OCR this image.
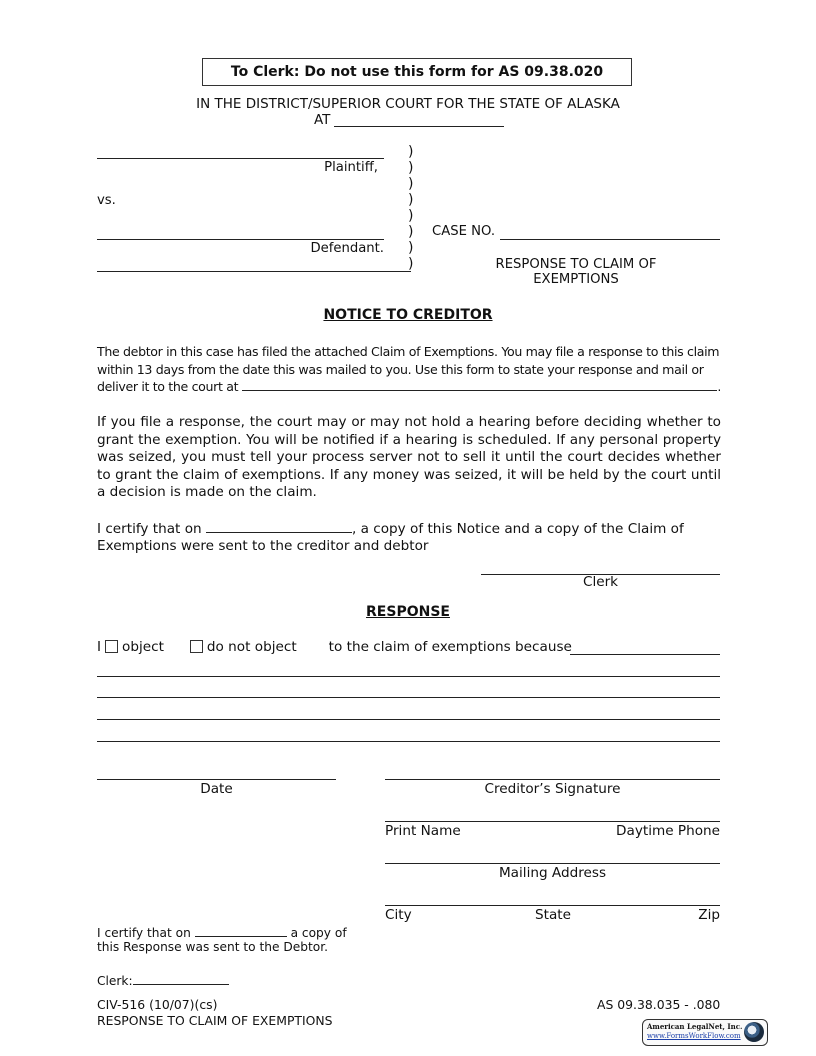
To Clerk: Do not use this form for AS 09.38.020
IN THE DISTRICT/SUPERIOR COURT FOR THE STATE OF ALASKA
AT
Plaintiff,
vs.
Defendant.
)
)
)
)
)
)
)
)
CASE NO.
RESPONSE TO CLAIM OF
EXEMPTIONS
NOTICE TO CREDITOR
The debtor in this case has filed the attached Claim of Exemptions. You may file a response to this claim
within 13 days from the date this was mailed to you. Use this form to state your response and mail or
deliver it to the court at	.
If you file a response, the court may or may not hold a hearing before deciding whether to grant the exemption. You will be notified if a hearing is scheduled. If any personal property was seized, you must tell your process server not to sell it until the court decides whether to grant the claim of exemptions. If any money was seized, it will be held by the court until a decision is made on the claim.
I certify that on	, a copy of this Notice and a copy of the Claim of
Exemptions were sent to the creditor and debtor
Clerk
RESPONSE
I object	do not object to the claim of exemptions because
Date	Creditor’s Signature
Print Name	Daytime Phone
Mailing Address
City	State	Zip
I certify that on	a copy of
this Response was sent to the Debtor.
Clerk:
CIV-516 (10/07)(cs)
RESPONSE TO CLAIM OF EXEMPTIONS
AS 09.38.035 - .080
American LegalNet, Inc.
www.FormsWorkFlow.com
